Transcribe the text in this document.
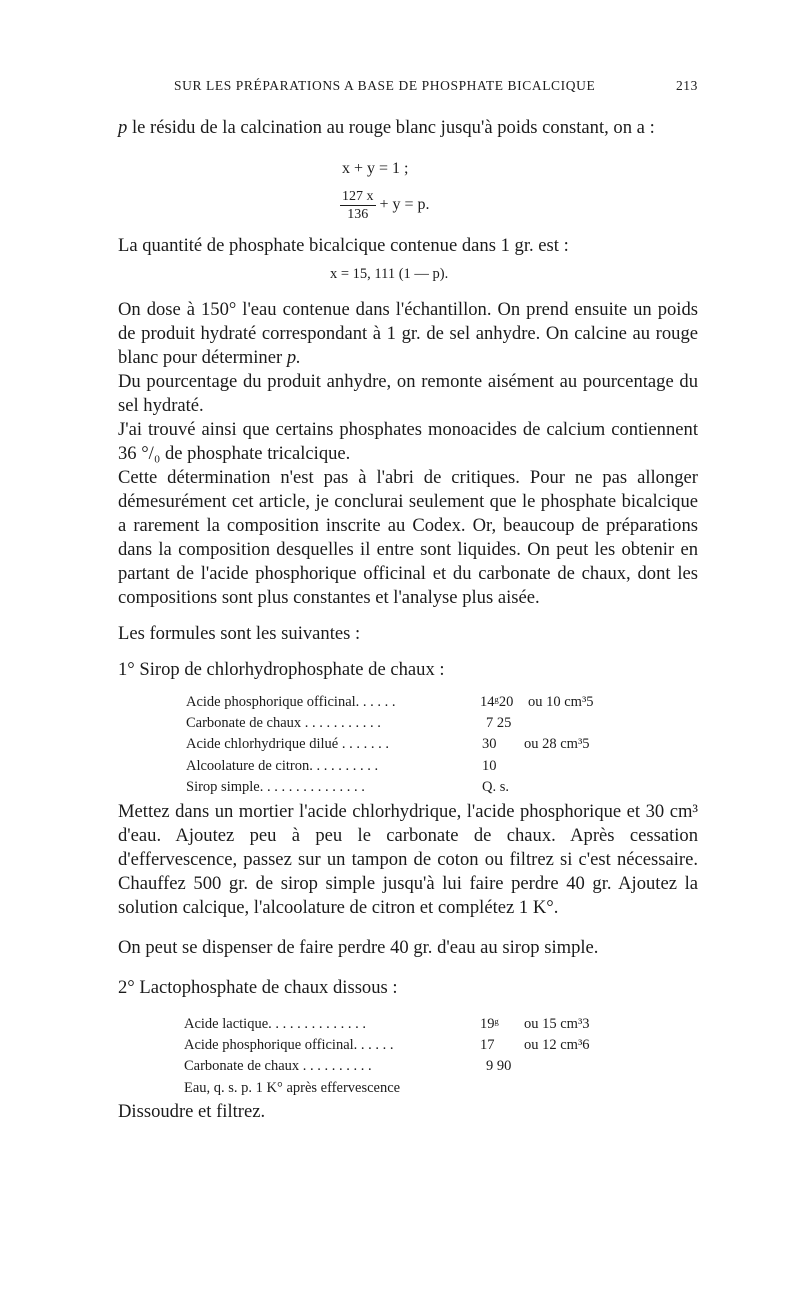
SUR LES PRÉPARATIONS A BASE DE PHOSPHATE BICALCIQUE	213
p le résidu de la calcination au rouge blanc jusqu'à poids constant, on a :
x + y = 1 ;
$\frac{127 x}{136} + y = p$.
La quantité de phosphate bicalcique contenue dans 1 gr. est :
x = 15, 111 (1 — p).
On dose à 150° l'eau contenue dans l'échantillon. On prend ensuite un poids de produit hydraté correspondant à 1 gr. de sel anhydre. On calcine au rouge blanc pour déterminer p.
Du pourcentage du produit anhydre, on remonte aisément au pourcentage du sel hydraté.
J'ai trouvé ainsi que certains phosphates monoacides de calcium contiennent 36 °/₀ de phosphate tricalcique.
Cette détermination n'est pas à l'abri de critiques. Pour ne pas allonger démesurément cet article, je conclurai seulement que le phosphate bicalcique a rarement la composition inscrite au Codex. Or, beaucoup de préparations dans la composition desquelles il entre sont liquides. On peut les obtenir en partant de l'acide phosphorique officinal et du carbonate de chaux, dont les compositions sont plus constantes et l'analyse plus aisée.
Les formules sont les suivantes :
1° Sirop de chlorhydrophosphate de chaux :
Acide phosphorique officinal. . . . . .	14ᵍ20 ou 10 cm³5
Carbonate de chaux . . . . . . . . . . .	7 25
Acide chlorhydrique dilué . . . . . . .	30 ou 28 cm³5
Alcoolature de citron. . . . . . . . . .	10
Sirop simple. . . . . . . . . . . . . . .	Q. s.
Mettez dans un mortier l'acide chlorhydrique, l'acide phosphorique et 30 cm³ d'eau. Ajoutez peu à peu le carbonate de chaux. Après cessation d'effervescence, passez sur un tampon de coton ou filtrez si c'est nécessaire. Chauffez 500 gr. de sirop simple jusqu'à lui faire perdre 40 gr. Ajoutez la solution calcique, l'alcoolature de citron et complétez 1 K°.
On peut se dispenser de faire perdre 40 gr. d'eau au sirop simple.
2° Lactophosphate de chaux dissous :
Acide lactique. . . . . . . . . . . . . .	19ᵍ ou 15 cm³3
Acide phosphorique officinal. . . . . .	17 ou 12 cm³6
Carbonate de chaux . . . . . . . . . .	9 90
Eau, q. s. p. 1 K° après effervescence
Dissoudre et filtrez.
